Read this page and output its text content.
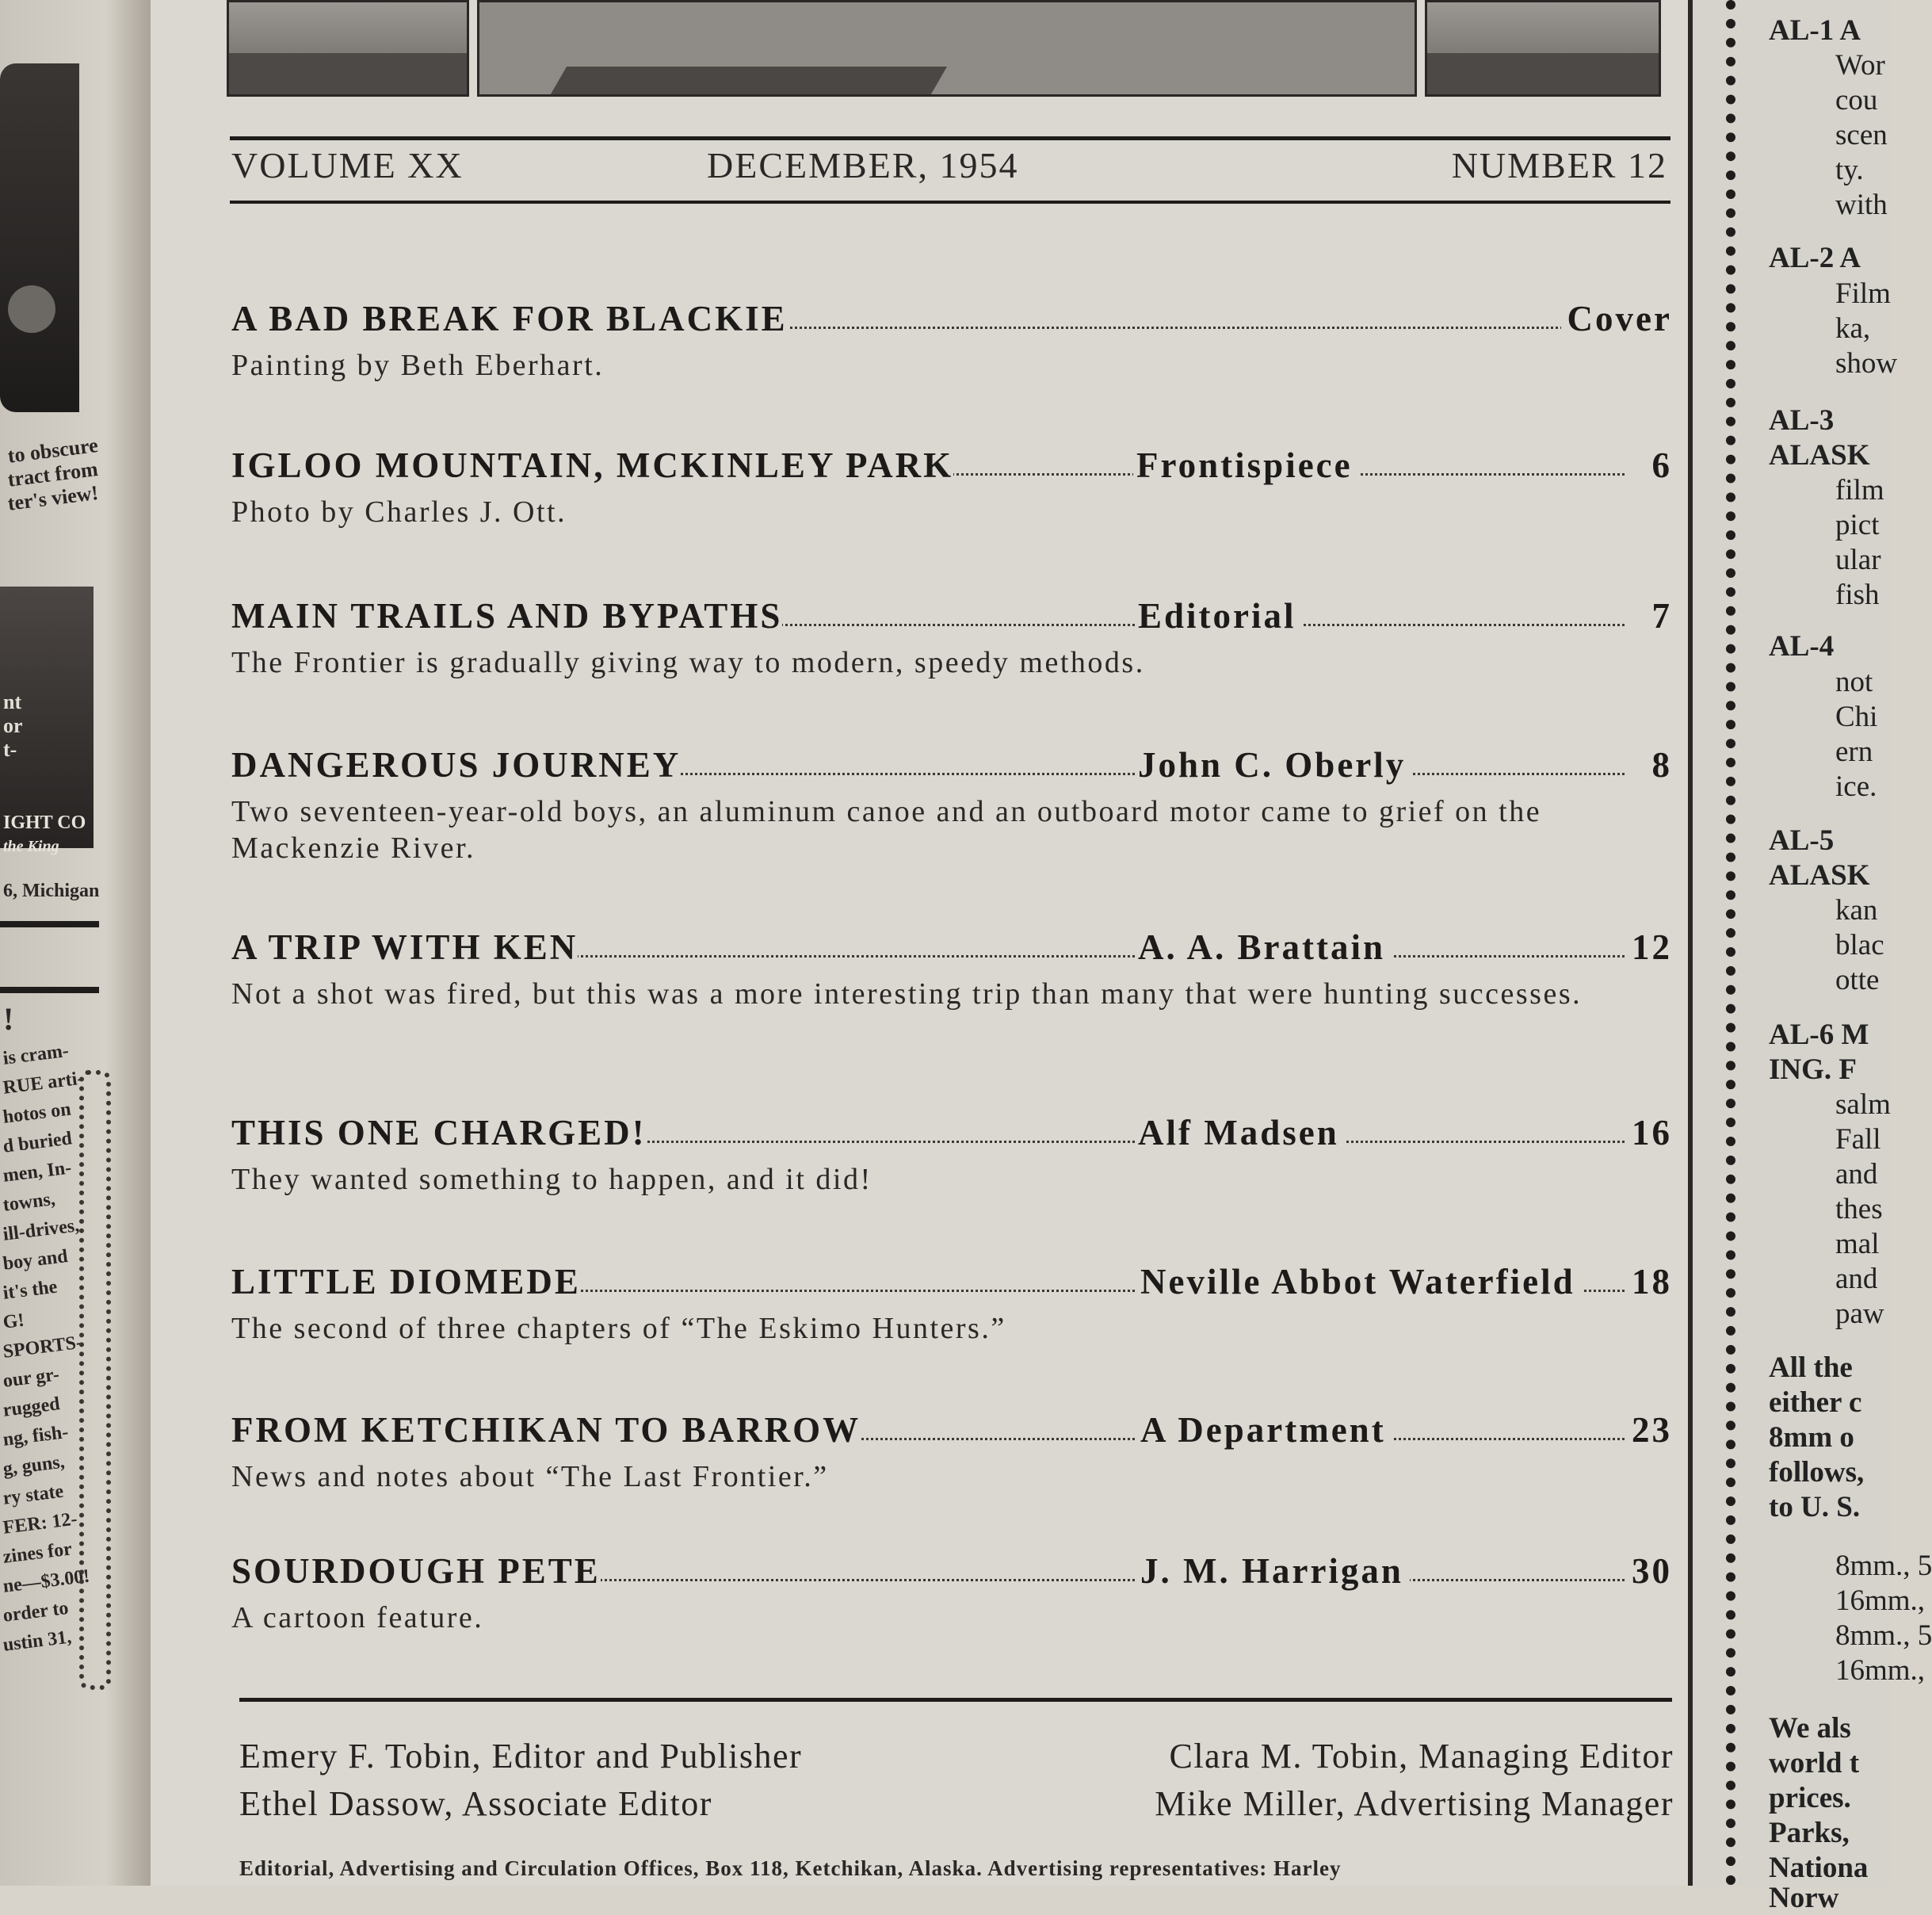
to obscure
tract from
ter's view!
nt
or
t-
IGHT CO
the King
6, Michigan
!
is cram-
RUE arti-
hotos on
d buried
men, In-
towns,
ill-drives,
boy and
it's the
G!
SPORTS-
our gr-
rugged
ng, fish-
g, guns,
ry state
FER: 12-
zines for
ne—$3.00!
order to
ustin 31,
VOLUME XX	DECEMBER, 1954	NUMBER 12
A BAD BREAK FOR BLACKIE	Cover
Painting by Beth Eberhart.
IGLOO MOUNTAIN, MCKINLEY PARK	Frontispiece	6
Photo by Charles J. Ott.
MAIN TRAILS AND BYPATHS	Editorial	7
The Frontier is gradually giving way to modern, speedy methods.
DANGEROUS JOURNEY	John C. Oberly	8
Two seventeen-year-old boys, an aluminum canoe and an outboard motor came to grief on the Mackenzie River.
A TRIP WITH KEN	A. A. Brattain	12
Not a shot was fired, but this was a more interesting trip than many that were hunting successes.
THIS ONE CHARGED!	Alf Madsen	16
They wanted something to happen, and it did!
LITTLE DIOMEDE	Neville Abbot Waterfield 18
The second of three chapters of “The Eskimo Hunters.”
FROM KETCHIKAN TO BARROW	A Department	23
News and notes about “The Last Frontier.”
SOURDOUGH PETE	J. M. Harrigan	30
A cartoon feature.
Emery F. Tobin, Editor and Publisher	Clara M. Tobin, Managing Editor
Ethel Dassow, Associate Editor	Mike Miller, Advertising Manager
Editorial, Advertising and Circulation Offices, Box 118, Ketchikan, Alaska. Advertising representatives: Harley
AL-1 A
Wor
cou
scen
ty.
with
AL-2 A
Film
ka,
show
AL-3
ALASK
film
pict
ular
fish
AL-4
not
Chi
ern
ice.
AL-5
ALASK
kan
blac
otte
AL-6 M
ING. F
salm
Fall
and
thes
mal
and
paw
All the
either c
8mm o
follows,
to U. S.
8mm., 5
16mm.,
8mm., 5
16mm.,
We als
world t
prices.
Parks,
Nationa
Norw
